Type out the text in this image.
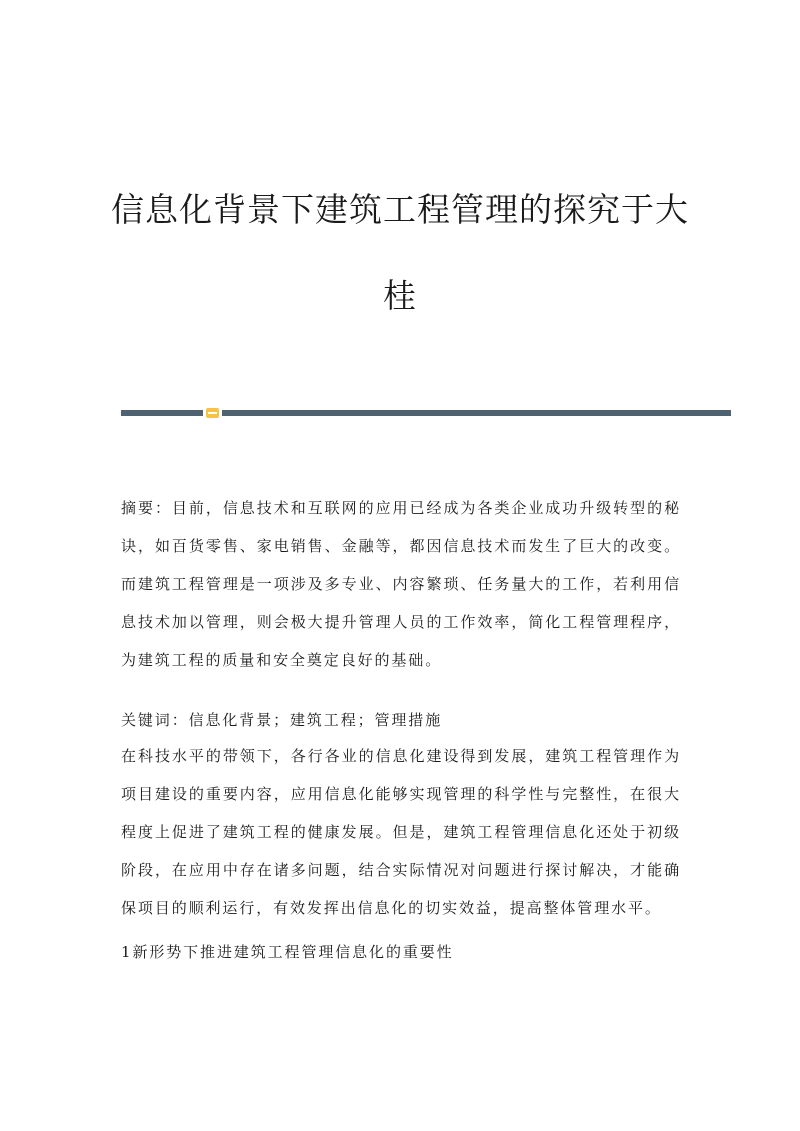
信息化背景下建筑工程管理的探究于大
桂

摘要：目前，信息技术和互联网的应用已经成为各类企业成功升级转型的秘诀，如百货零售、家电销售、金融等，都因信息技术而发生了巨大的改变。而建筑工程管理是一项涉及多专业、内容繁琐、任务量大的工作，若利用信息技术加以管理，则会极大提升管理人员的工作效率，简化工程管理程序，为建筑工程的质量和安全奠定良好的基础。

关键词：信息化背景；建筑工程；管理措施

在科技水平的带领下，各行各业的信息化建设得到发展，建筑工程管理作为项目建设的重要内容，应用信息化能够实现管理的科学性与完整性，在很大程度上促进了建筑工程的健康发展。但是，建筑工程管理信息化还处于初级阶段，在应用中存在诸多问题，结合实际情况对问题进行探讨解决，才能确保项目的顺利运行，有效发挥出信息化的切实效益，提高整体管理水平。

1新形势下推进建筑工程管理信息化的重要性
